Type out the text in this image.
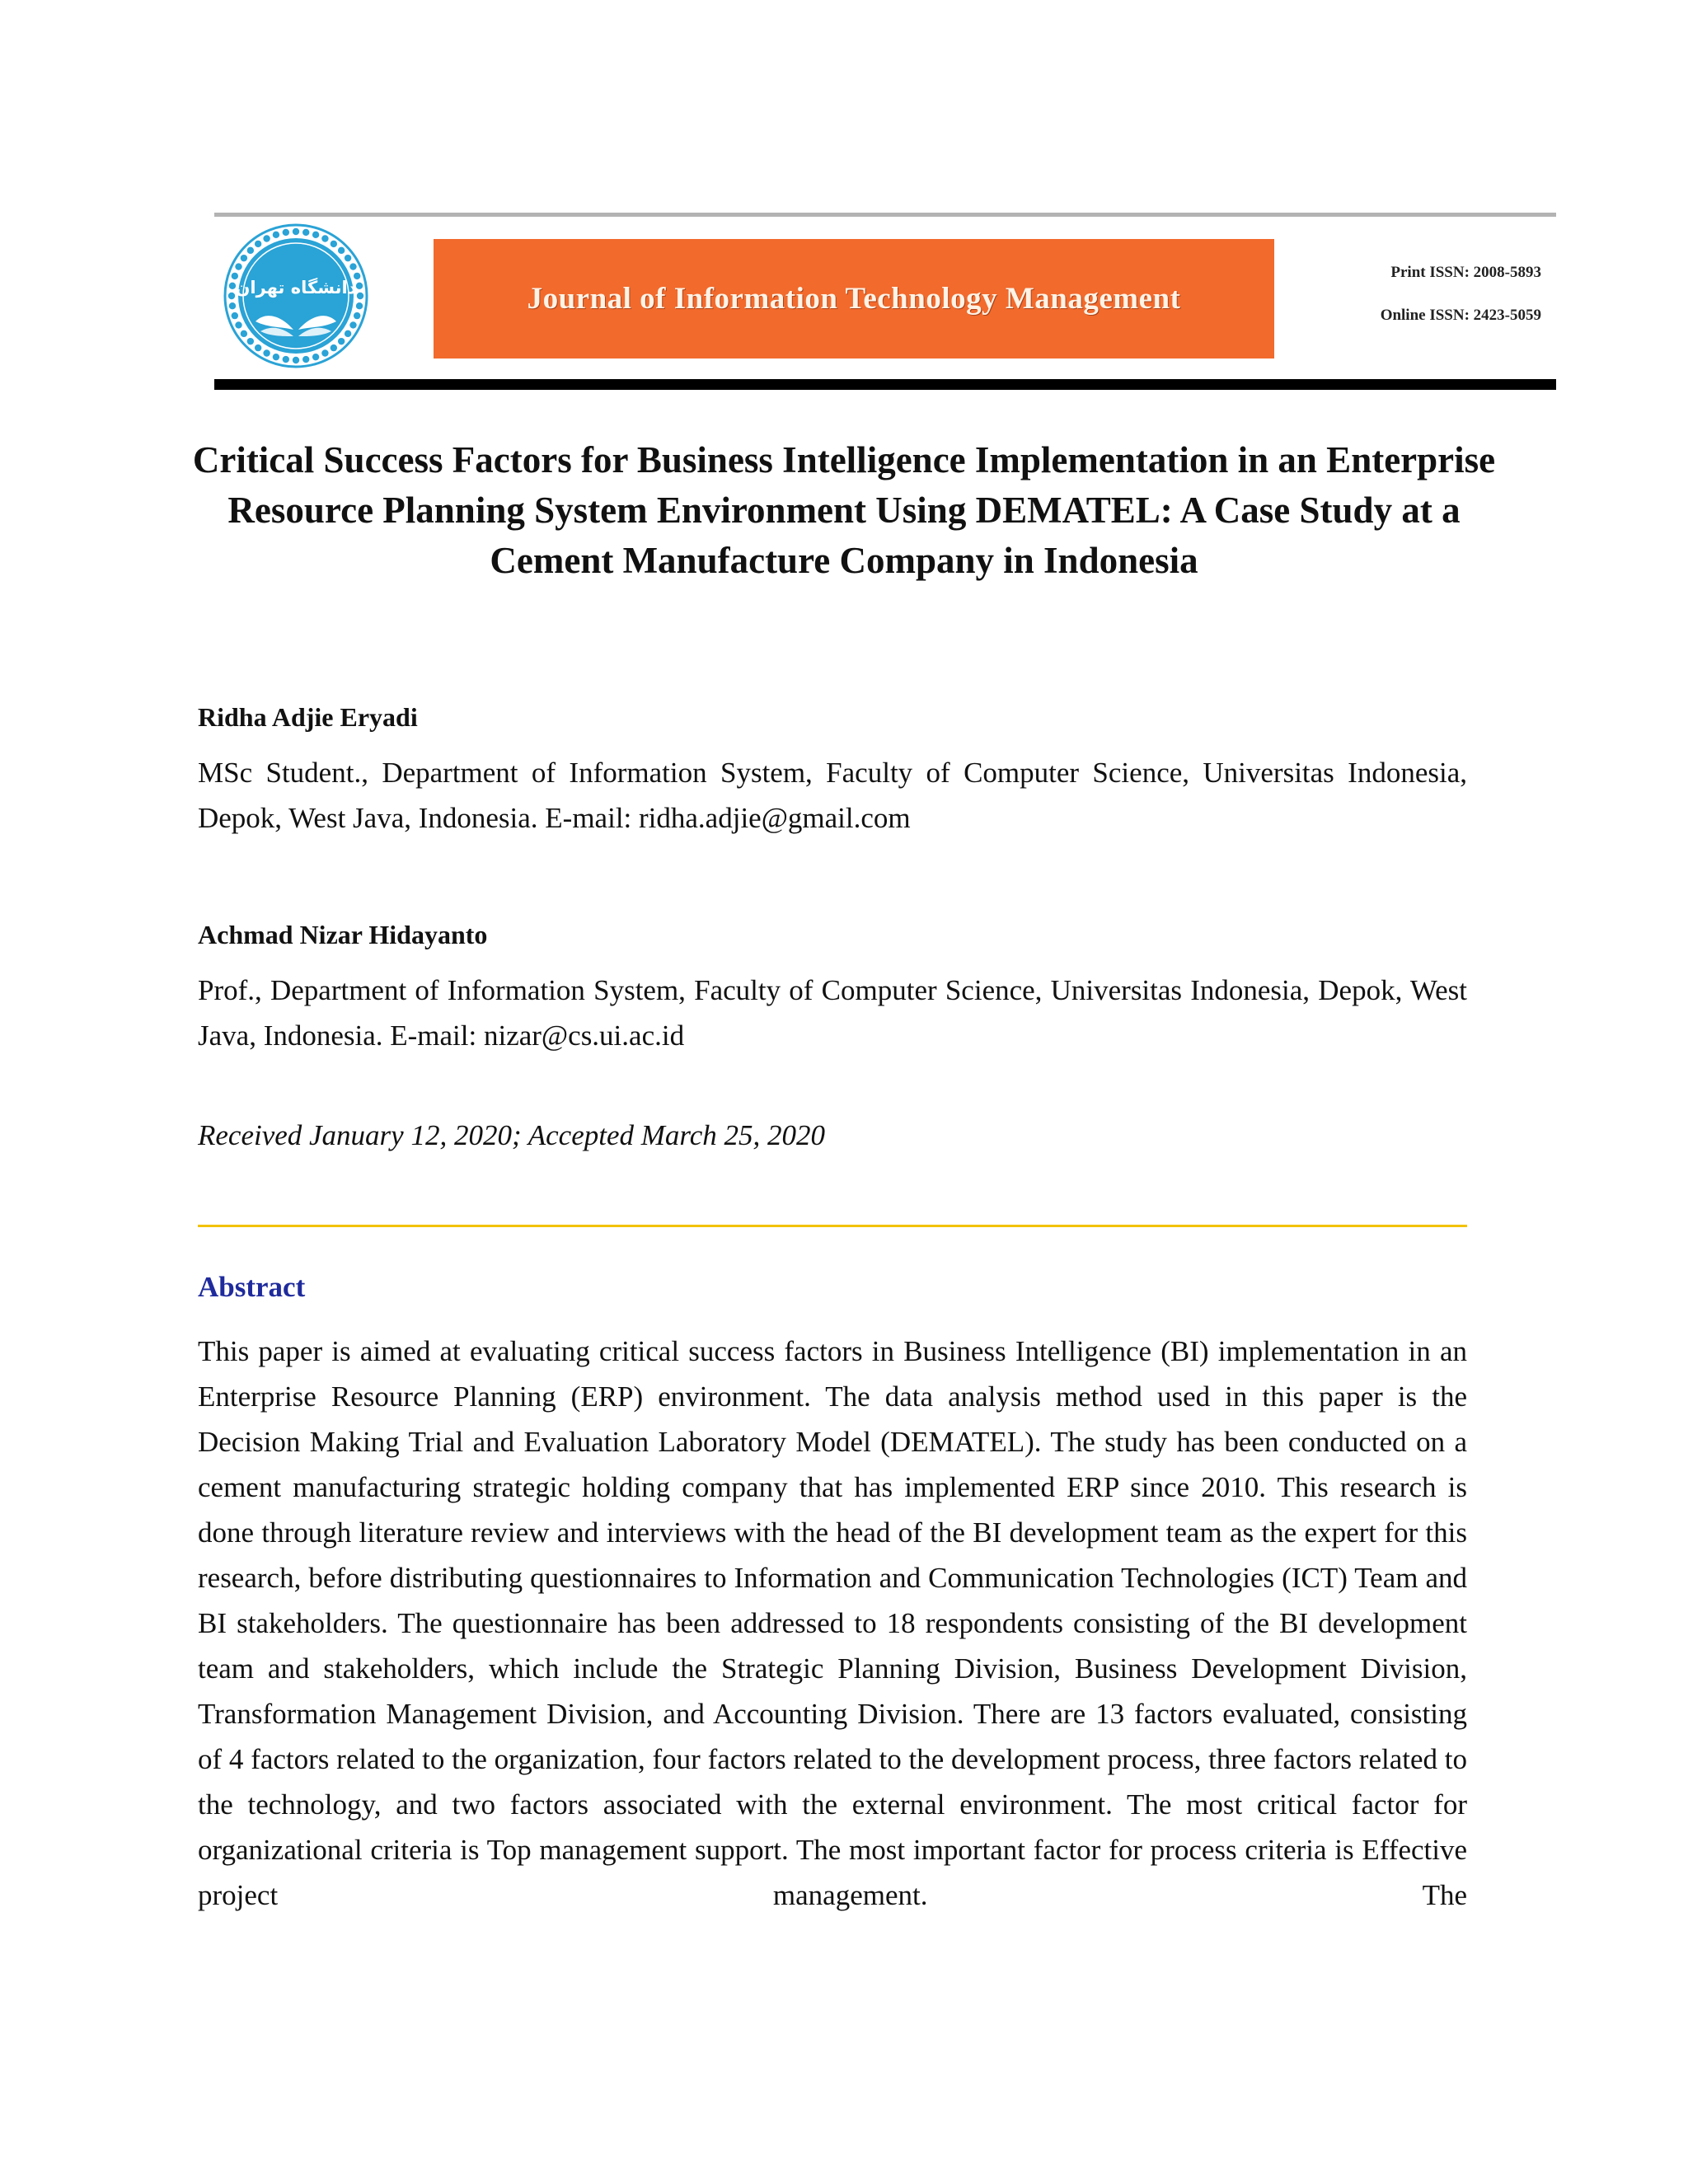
دانشگاه تهران	Journal of Information Technology Management
Print ISSN: 2008-5893
Online ISSN: 2423-5059
Critical Success Factors for Business Intelligence Implementation in an Enterprise Resource Planning System Environment Using DEMATEL: A Case Study at a Cement Manufacture Company in Indonesia
Ridha Adjie Eryadi
MSc Student., Department of Information System, Faculty of Computer Science, Universitas Indonesia, Depok, West Java, Indonesia. E-mail: ridha.adjie@gmail.com
Achmad Nizar Hidayanto
Prof., Department of Information System, Faculty of Computer Science, Universitas Indonesia, Depok, West Java, Indonesia. E-mail: nizar@cs.ui.ac.id
Received January 12, 2020; Accepted March 25, 2020
Abstract
This paper is aimed at evaluating critical success factors in Business Intelligence (BI) implementation in an Enterprise Resource Planning (ERP) environment. The data analysis method used in this paper is the Decision Making Trial and Evaluation Laboratory Model (DEMATEL). The study has been conducted on a cement manufacturing strategic holding company that has implemented ERP since 2010. This research is done through literature review and interviews with the head of the BI development team as the expert for this research, before distributing questionnaires to Information and Communication Technologies (ICT) Team and BI stakeholders. The questionnaire has been addressed to 18 respondents consisting of the BI development team and stakeholders, which include the Strategic Planning Division, Business Development Division, Transformation Management Division, and Accounting Division. There are 13 factors evaluated, consisting of 4 factors related to the organization, four factors related to the development process, three factors related to the technology, and two factors associated with the external environment. The most critical factor for organizational criteria is Top management support. The most important factor for process criteria is Effective project management. The
